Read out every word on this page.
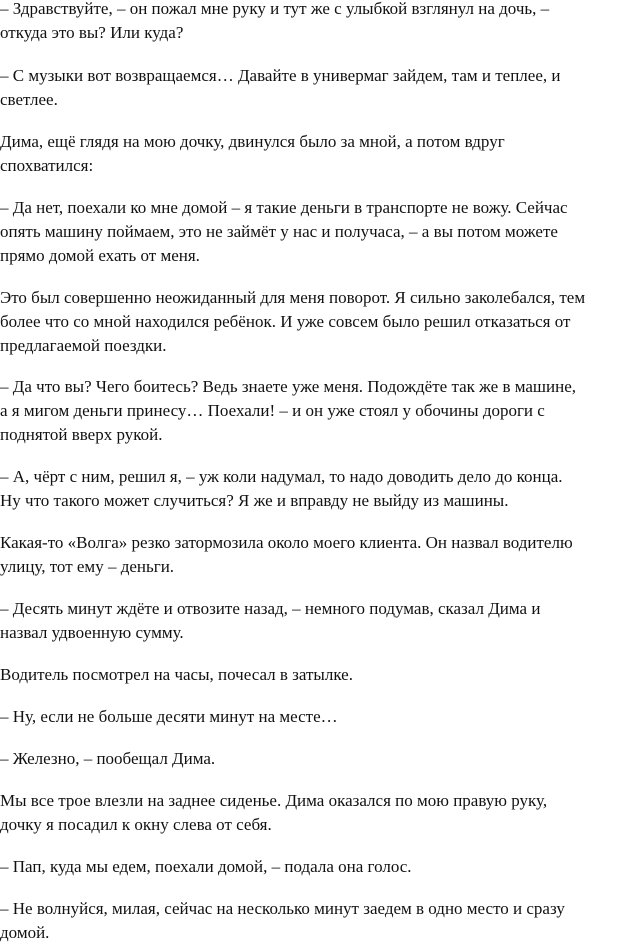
– Здравствуйте, – он пожал мне руку и тут же с улыбкой взглянул на дочь, –

откуда это вы? Или куда?

– С музыки вот возвращаемся… Давайте в универмаг зайдем, там и теплее, и

светлее.

Дима, ещё глядя на мою дочку, двинулся было за мной, а потом вдруг

спохватился:

– Да нет, поехали ко мне домой – я такие деньги в транспорте не вожу. Сейчас

опять машину поймаем, это не займёт у нас и получаса, – а вы потом можете

прямо домой ехать от меня.

Это был совершенно неожиданный для меня поворот. Я сильно заколебался, тем

более что со мной находился ребёнок. И уже совсем было решил отказаться от

предлагаемой поездки.

– Да что вы? Чего боитесь? Ведь знаете уже меня. Подождёте так же в машине,

а я мигом деньги принесу… Поехали! – и он уже стоял у обочины дороги с

поднятой вверх рукой.

– А, чёрт с ним, решил я, – уж коли надумал, то надо доводить дело до конца.

Ну что такого может случиться? Я же и вправду не выйду из машины.

Какая-то «Волга» резко затормозила около моего клиента. Он назвал водителю

улицу, тот ему – деньги.

– Десять минут ждёте и отвозите назад, – немного подумав, сказал Дима и

назвал удвоенную сумму.

Водитель посмотрел на часы, почесал в затылке.

– Ну, если не больше десяти минут на месте…

– Железно, – пообещал Дима.

Мы все трое влезли на заднее сиденье. Дима оказался по мою правую руку,

дочку я посадил к окну слева от себя.

– Пап, куда мы едем, поехали домой, – подала она голос.

– Не волнуйся, милая, сейчас на несколько минут заедем в одно место и сразу

домой.
